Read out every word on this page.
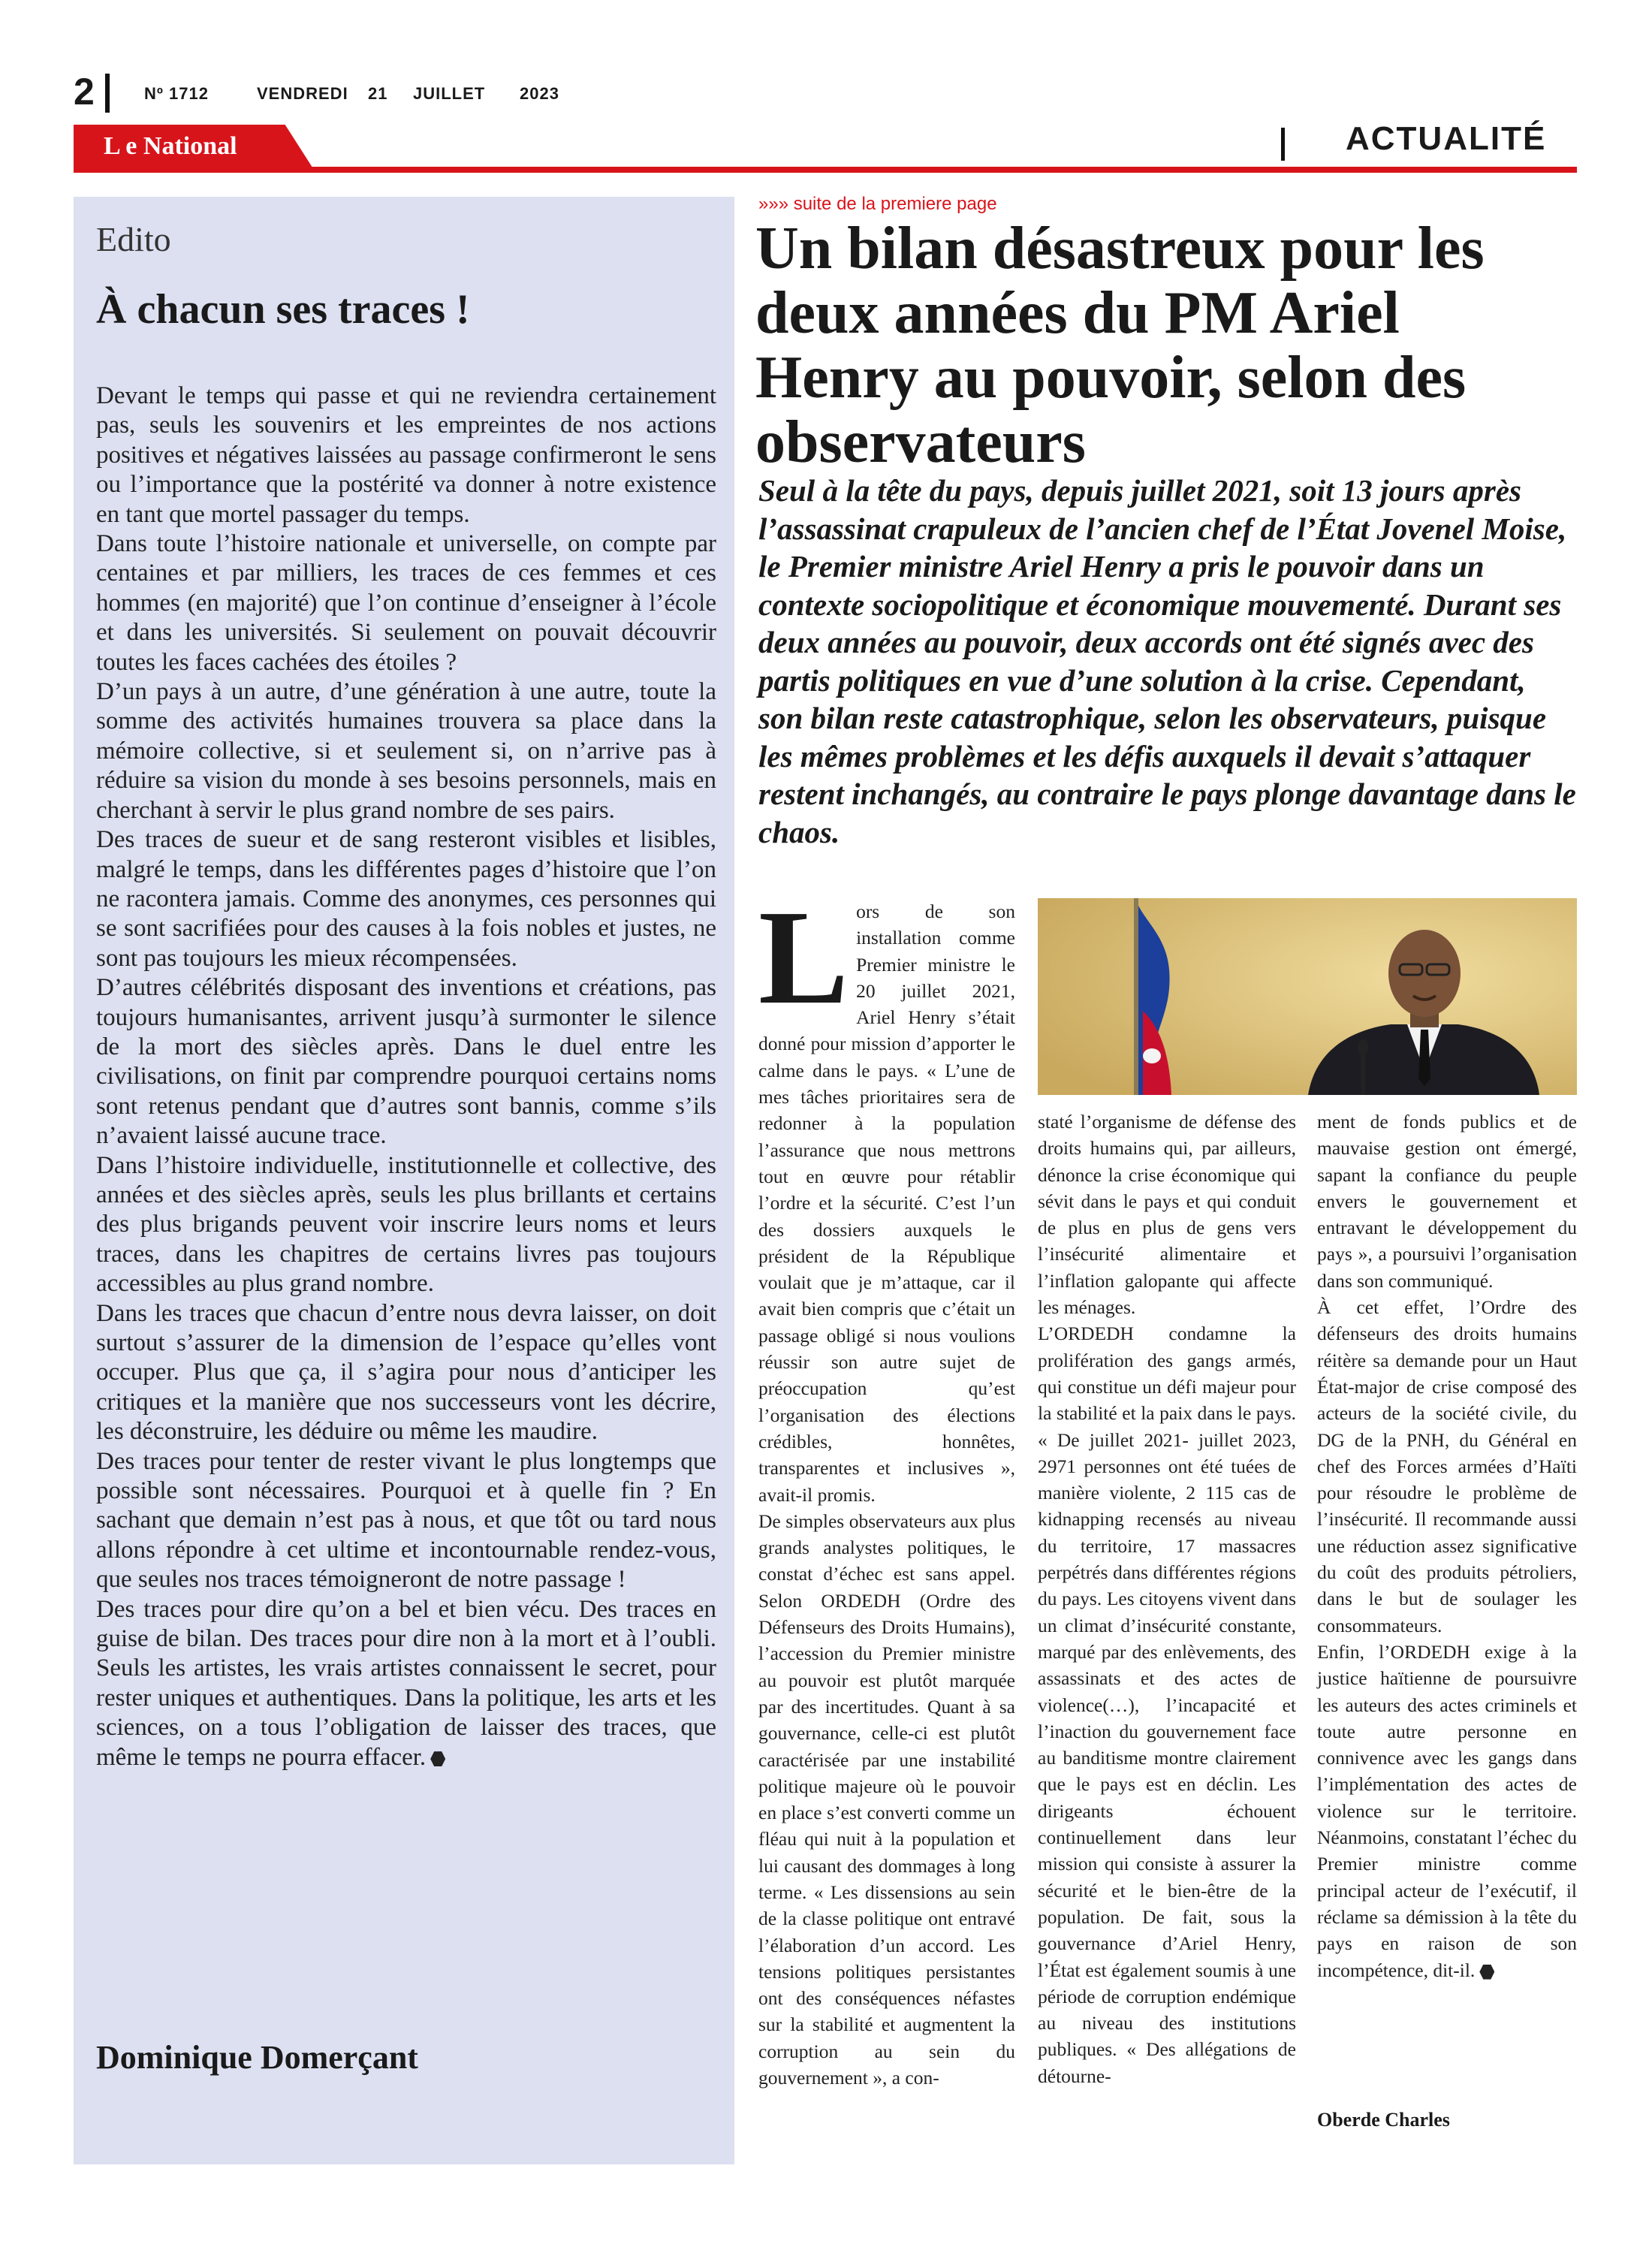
2	Nº 1712	VENDREDI 21 JUILLET 2023
L e National	ACTUALITÉ
Edito
À chacun ses traces !

Devant le temps qui passe et qui ne reviendra certainement pas, seuls les souvenirs et les empreintes de nos actions positives et négatives laissées au passage confirmeront le sens ou l’importance que la postérité va donner à notre existence en tant que mortel passager du temps.

Dans toute l’histoire nationale et universelle, on compte par centaines et par milliers, les traces de ces femmes et ces hommes (en majorité) que l’on continue d’enseigner à l’école et dans les universités. Si seulement on pouvait découvrir toutes les faces cachées des étoiles ?

D’un pays à un autre, d’une génération à une autre, toute la somme des activités humaines trouvera sa place dans la mémoire collective, si et seulement si, on n’arrive pas à réduire sa vision du monde à ses besoins personnels, mais en cherchant à servir le plus grand nombre de ses pairs.

Des traces de sueur et de sang resteront visibles et lisibles, malgré le temps, dans les différentes pages d’histoire que l’on ne racontera jamais. Comme des anonymes, ces personnes qui se sont sacrifiées pour des causes à la fois nobles et justes, ne sont pas toujours les mieux récompensées.

D’autres célébrités disposant des inventions et créations, pas toujours humanisantes, arrivent jusqu’à surmonter le silence de la mort des siècles après. Dans le duel entre les civilisations, on finit par comprendre pourquoi certains noms sont retenus pendant que d’autres sont bannis, comme s’ils n’avaient laissé aucune trace.

Dans l’histoire individuelle, institutionnelle et collective, des années et des siècles après, seuls les plus brillants et certains des plus brigands peuvent voir inscrire leurs noms et leurs traces, dans les chapitres de certains livres pas toujours accessibles au plus grand nombre.

Dans les traces que chacun d’entre nous devra laisser, on doit surtout s’assurer de la dimension de l’espace qu’elles vont occuper. Plus que ça, il s’agira pour nous d’anticiper les critiques et la manière que nos successeurs vont les décrire, les déconstruire, les déduire ou même les maudire.

Des traces pour tenter de rester vivant le plus longtemps que possible sont nécessaires. Pourquoi et à quelle fin ? En sachant que demain n’est pas à nous, et que tôt ou tard nous allons répondre à cet ultime et incontournable rendez-vous, que seules nos traces témoigneront de notre passage !

Des traces pour dire qu’on a bel et bien vécu. Des traces en guise de bilan. Des traces pour dire non à la mort et à l’oubli. Seuls les artistes, les vrais artistes connaissent le secret, pour rester uniques et authentiques. Dans la politique, les arts et les sciences, on a tous l’obligation de laisser des traces, que même le temps ne pourra effacer.

Dominique Domerçant
»»» suite de la premiere page
Un bilan désastreux pour les deux années du PM Ariel Henry au pouvoir, selon des observateurs

Seul à la tête du pays, depuis juillet 2021, soit 13 jours après l’assassinat crapuleux de l’ancien chef de l’État Jovenel Moise, le Premier ministre Ariel Henry a pris le pouvoir dans un contexte sociopolitique et économique mouvementé. Durant ses deux années au pouvoir, deux accords ont été signés avec des partis politiques en vue d’une solution à la crise. Cependant, son bilan reste catastrophique, selon les observateurs, puisque les mêmes problèmes et les défis auxquels il devait s’attaquer restent inchangés, au contraire le pays plonge davantage dans le chaos.

Lors de son installation comme Premier ministre le 20 juillet 2021, Ariel Henry s’était donné pour mission d’apporter le calme dans le pays. « L’une de mes tâches prioritaires sera de redonner à la population l’assurance que nous mettrons tout en œuvre pour rétablir l’ordre et la sécurité. C’est l’un des dossiers auxquels le président de la République voulait que je m’attaque, car il avait bien compris que c’était un passage obligé si nous voulions réussir son autre sujet de préoccupation qu’est l’organisation des élections crédibles, honnêtes, transparentes et inclusives », avait-il promis.

De simples observateurs aux plus grands analystes politiques, le constat d’échec est sans appel. Selon ORDEDH (Ordre des Défenseurs des Droits Humains), l’accession du Premier ministre au pouvoir est plutôt marquée par des incertitudes. Quant à sa gouvernance, celle-ci est plutôt caractérisée par une instabilité politique majeure où le pouvoir en place s’est converti comme un fléau qui nuit à la population et lui causant des dommages à long terme. « Les dissensions au sein de la classe politique ont entravé l’élaboration d’un accord. Les tensions politiques persistantes ont des conséquences néfastes sur la stabilité et augmentent la corruption au sein du gouvernement », a con-

staté l’organisme de défense des droits humains qui, par ailleurs, dénonce la crise économique qui sévit dans le pays et qui conduit de plus en plus de gens vers l’insécurité alimentaire et l’inflation galopante qui affecte les ménages.

L’ORDEDH condamne la prolifération des gangs armés, qui constitue un défi majeur pour la stabilité et la paix dans le pays. « De juillet 2021- juillet 2023, 2971 personnes ont été tuées de manière violente, 2 115 cas de kidnapping recensés au niveau du territoire, 17 massacres perpétrés dans différentes régions du pays. Les citoyens vivent dans un climat d’insécurité constante, marqué par des enlèvements, des assassinats et des actes de violence(…), l’incapacité et l’inaction du gouvernement face au banditisme montre clairement que le pays est en déclin. Les dirigeants échouent continuellement dans leur mission qui consiste à assurer la sécurité et le bien-être de la population. De fait, sous la gouvernance d’Ariel Henry, l’État est également soumis à une période de corruption endémique au niveau des institutions publiques. « Des allégations de détourne-

ment de fonds publics et de mauvaise gestion ont émergé, sapant la confiance du peuple envers le gouvernement et entravant le développement du pays », a poursuivi l’organisation dans son communiqué.

À cet effet, l’Ordre des défenseurs des droits humains réitère sa demande pour un Haut État-major de crise composé des acteurs de la société civile, du DG de la PNH, du Général en chef des Forces armées d’Haïti pour résoudre le problème de l’insécurité. Il recommande aussi une réduction assez significative du coût des produits pétroliers, dans le but de soulager les consommateurs.

Enfin, l’ORDEDH exige à la justice haïtienne de poursuivre les auteurs des actes criminels et toute autre personne en connivence avec les gangs dans l’implémentation des actes de violence sur le territoire. Néanmoins, constatant l’échec du Premier ministre comme principal acteur de l’exécutif, il réclame sa démission à la tête du pays en raison de son incompétence, dit-il.

Oberde Charles
